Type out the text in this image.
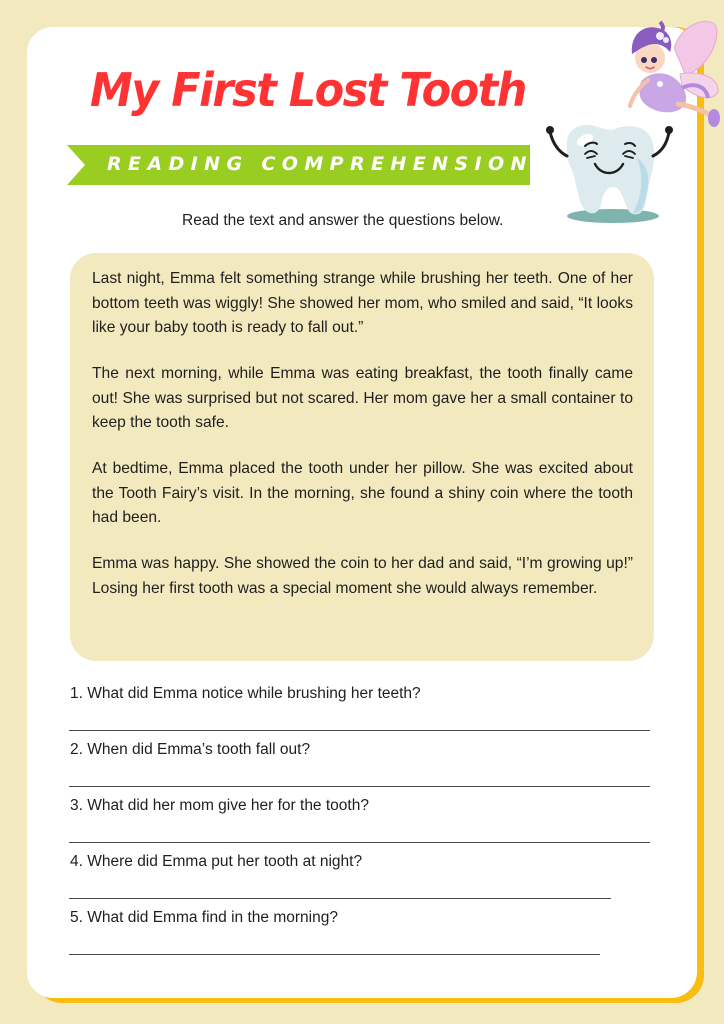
My First Lost Tooth
READING COMPREHENSION
Read the text and answer the questions below.

Last night, Emma felt something strange while brushing her teeth. One of her bottom teeth was wiggly! She showed her mom, who smiled and said, “It looks like your baby tooth is ready to fall out.”

The next morning, while Emma was eating breakfast, the tooth finally came out! She was surprised but not scared. Her mom gave her a small container to keep the tooth safe.

At bedtime, Emma placed the tooth under her pillow. She was excited about the Tooth Fairy’s visit. In the morning, she found a shiny coin where the tooth had been.

Emma was happy. She showed the coin to her dad and said, “I’m growing up!” Losing her first tooth was a special moment she would always remember.

1. What did Emma notice while brushing her teeth?
2. When did Emma’s tooth fall out?
3. What did her mom give her for the tooth?
4. Where did Emma put her tooth at night?
5. What did Emma find in the morning?
